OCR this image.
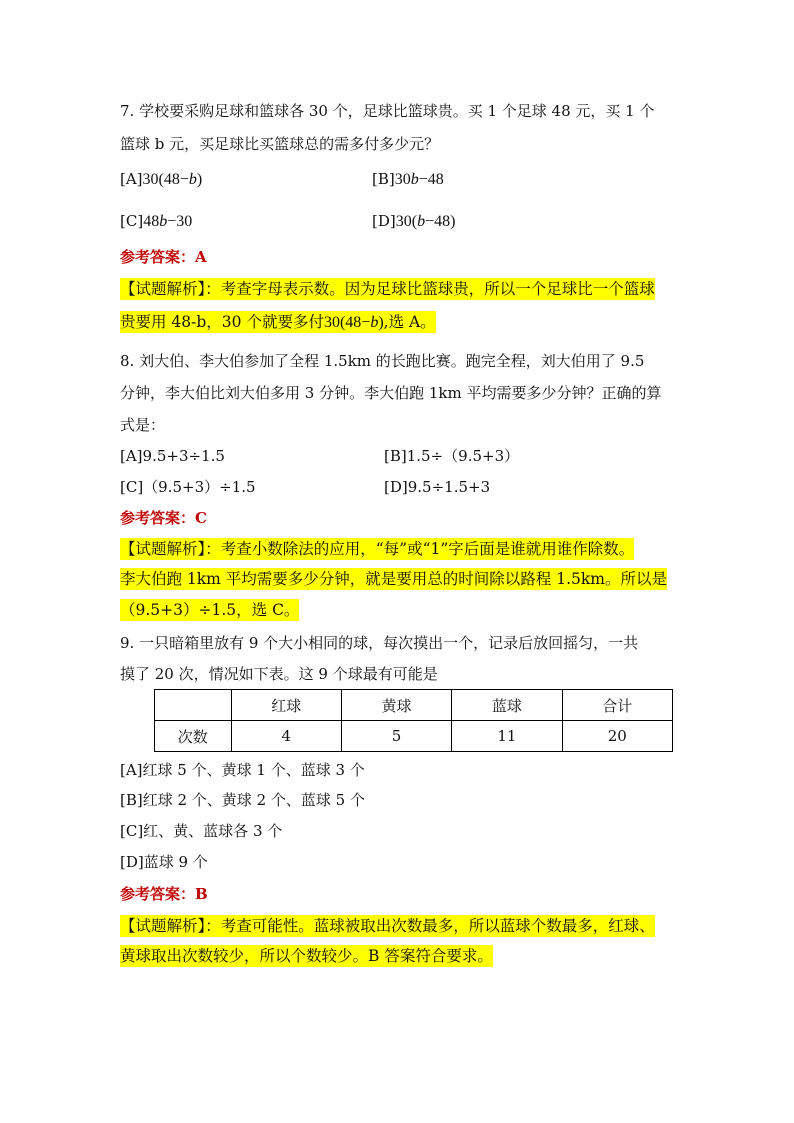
7. 学校要采购足球和篮球各 30 个，足球比篮球贵。买 1 个足球 48 元，买 1 个
篮球 b 元，买足球比买篮球总的需多付多少元？
[A]30(48−b)	[B]30b−48
[C]48b−30	[D]30(b−48)
参考答案：A
【试题解析】：考查字母表示数。因为足球比篮球贵，所以一个足球比一个篮球
贵要用 48-b，30 个就要多付30(48−b),选 A。
8. 刘大伯、李大伯参加了全程 1.5km 的长跑比赛。跑完全程，刘大伯用了 9.5
分钟，李大伯比刘大伯多用 3 分钟。李大伯跑 1km 平均需要多少分钟？正确的算
式是：
[A]9.5+3÷1.5	[B]1.5÷（9.5+3）
[C]（9.5+3）÷1.5	[D]9.5÷1.5+3
参考答案：C
【试题解析】：考查小数除法的应用，“每”或“1”字后面是谁就用谁作除数。
李大伯跑 1km 平均需要多少分钟，就是要用总的时间除以路程 1.5km。所以是
（9.5+3）÷1.5，选 C。
9. 一只暗箱里放有 9 个大小相同的球，每次摸出一个，记录后放回摇匀，一共
摸了 20 次，情况如下表。这 9 个球最有可能是
	红球	黄球	蓝球	合计
次数	4	5	11	20
[A]红球 5 个、黄球 1 个、蓝球 3 个
[B]红球 2 个、黄球 2 个、蓝球 5 个
[C]红、黄、蓝球各 3 个
[D]蓝球 9 个
参考答案：B
【试题解析】：考查可能性。蓝球被取出次数最多，所以蓝球个数最多，红球、
黄球取出次数较少，所以个数较少。B 答案符合要求。
